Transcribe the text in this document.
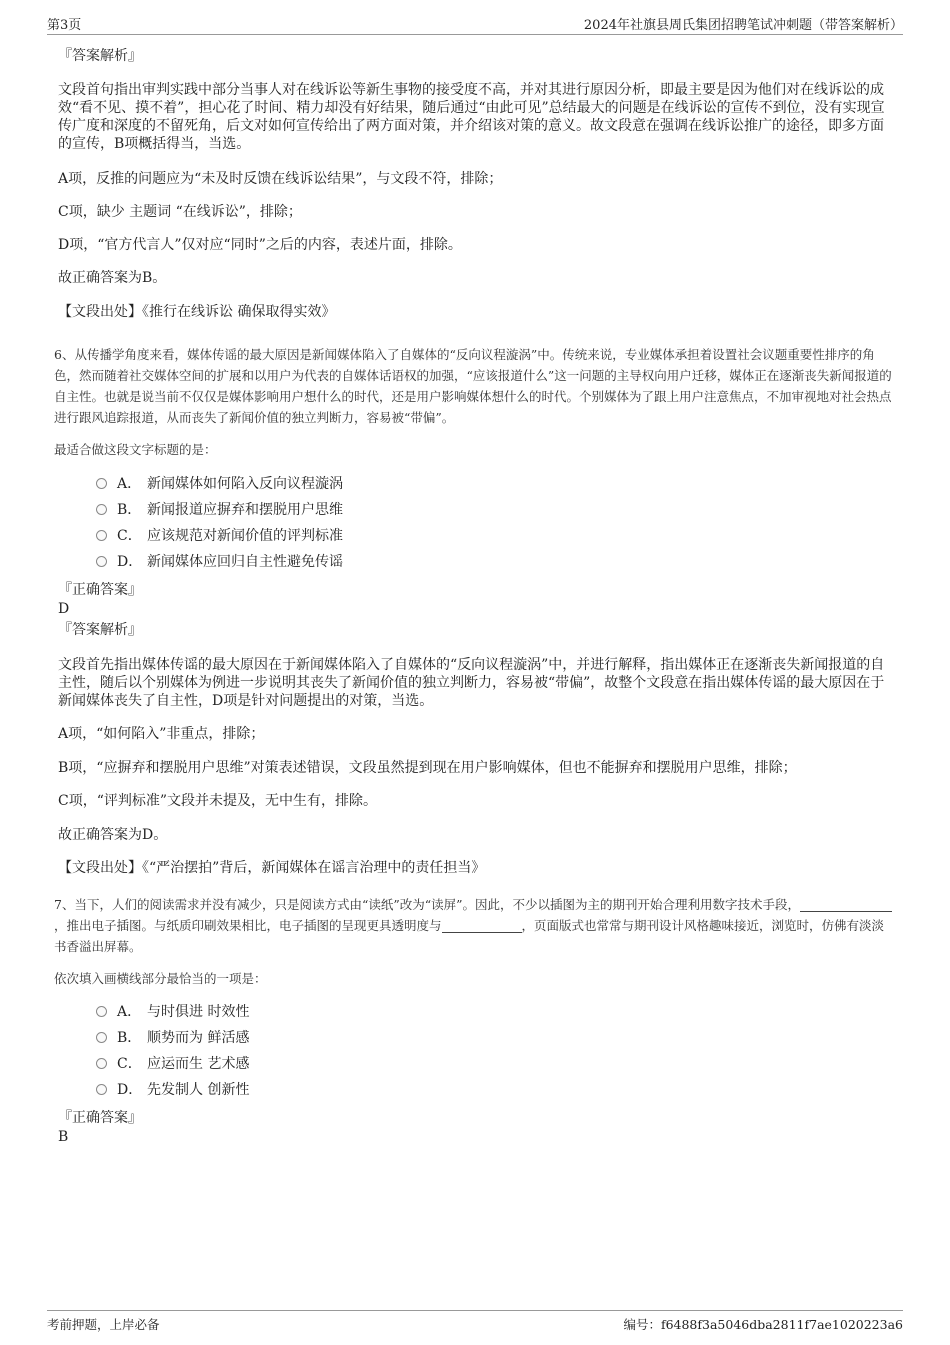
第3页	2024年社旗县周氏集团招聘笔试冲刺题（带答案解析）

『答案解析』

文段首句指出审判实践中部分当事人对在线诉讼等新生事物的接受度不高，并对其进行原因分析，即最主要是因为他们对在线诉讼的成效“看不见、摸不着”，担心花了时间、精力却没有好结果，随后通过“由此可见”总结最大的问题是在线诉讼的宣传不到位，没有实现宣传广度和深度的不留死角，后文对如何宣传给出了两方面对策，并介绍该对策的意义。故文段意在强调在线诉讼推广的途径，即多方面的宣传，B项概括得当，当选。

A项，反推的问题应为“未及时反馈在线诉讼结果”，与文段不符，排除；

C项，缺少 主题词 “在线诉讼”，排除；

D项，“官方代言人”仅对应“同时”之后的内容，表述片面，排除。

故正确答案为B。

【文段出处】《推行在线诉讼 确保取得实效》

6、从传播学角度来看，媒体传谣的最大原因是新闻媒体陷入了自媒体的“反向议程漩涡”中。传统来说，专业媒体承担着设置社会议题重要性排序的角色，然而随着社交媒体空间的扩展和以用户为代表的自媒体话语权的加强，“应该报道什么”这一问题的主导权向用户迁移，媒体正在逐渐丧失新闻报道的自主性。也就是说当前不仅仅是媒体影响用户想什么的时代，还是用户影响媒体想什么的时代。个别媒体为了跟上用户注意焦点，不加审视地对社会热点进行跟风追踪报道，从而丧失了新闻价值的独立判断力，容易被“带偏”。

最适合做这段文字标题的是：

A． 新闻媒体如何陷入反向议程漩涡
B． 新闻报道应摒弃和摆脱用户思维
C． 应该规范对新闻价值的评判标准
D． 新闻媒体应回归自主性避免传谣

『正确答案』

D

『答案解析』

文段首先指出媒体传谣的最大原因在于新闻媒体陷入了自媒体的“反向议程漩涡”中，并进行解释，指出媒体正在逐渐丧失新闻报道的自主性，随后以个别媒体为例进一步说明其丧失了新闻价值的独立判断力，容易被“带偏”，故整个文段意在指出媒体传谣的最大原因在于新闻媒体丧失了自主性，D项是针对问题提出的对策，当选。

A项，“如何陷入”非重点，排除；

B项，“应摒弃和摆脱用户思维”对策表述错误，文段虽然提到现在用户影响媒体，但也不能摒弃和摆脱用户思维，排除；

C项，“评判标准”文段并未提及，无中生有，排除。

故正确答案为D。

【文段出处】《“严治摆拍”背后，新闻媒体在谣言治理中的责任担当》

7、当下，人们的阅读需求并没有减少，只是阅读方式由“读纸”改为“读屏”。因此，不少以插图为主的期刊开始合理利用数字技术手段，，推出电子插图。与纸质印刷效果相比，电子插图的呈现更具透明度与	，页面版式也常常与期刊设计风格趣味接近，浏览时，仿佛有淡淡书香溢出屏幕。

依次填入画横线部分最恰当的一项是：

A． 与时俱进 时效性
B． 顺势而为 鲜活感
C． 应运而生 艺术感
D． 先发制人 创新性

『正确答案』

B

考前押题，上岸必备	编号：f6488f3a5046dba2811f7ae1020223a6
